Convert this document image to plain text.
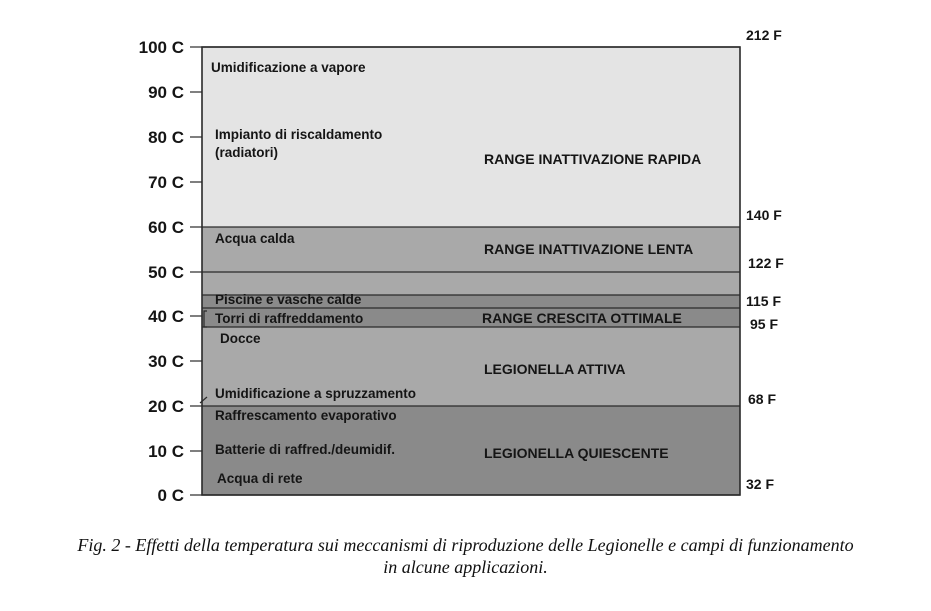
100 C
90 C
80 C
70 C
60 C
50 C
40 C
30 C
20 C
10 C
0 C
212 F
140 F
122 F
115 F
95 F
68 F
32 F
Umidificazione a vapore
Impianto di riscaldamento
(radiatori)
Acqua calda
Piscine e vasche calde
Torri di raffreddamento
Docce
Umidificazione a spruzzamento
Raffrescamento evaporativo
Batterie di raffred./deumidif.
Acqua di rete
RANGE INATTIVAZIONE RAPIDA
RANGE INATTIVAZIONE LENTA
RANGE CRESCITA OTTIMALE
LEGIONELLA ATTIVA
LEGIONELLA QUIESCENTE
Fig. 2 - Effetti della temperatura sui meccanismi di riproduzione delle Legionelle e campi di funzionamento
in alcune applicazioni.
